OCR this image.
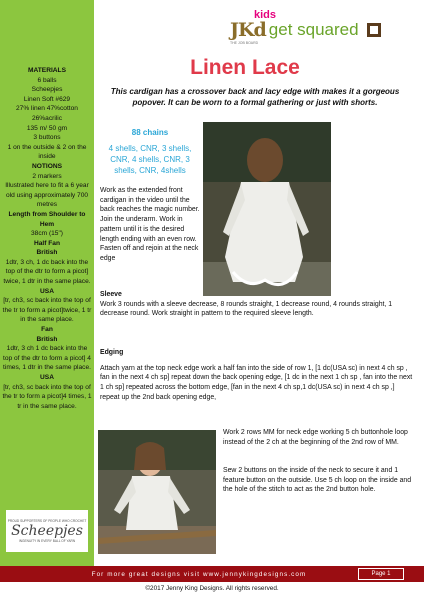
MATERIALS
6 balls
Scheepjes
Linen Soft #629
27% linen 47%cotton
26%acrilic
135 m/ 50 gm
3 buttons
1 on the outside & 2 on the inside
NOTIONS
2 markers
Illustrated here to fit a 6 year old using approximately 700 metres
Length from Shoulder to Hem
38cm (15")
Half Fan
British
1dtr, 3 ch, 1 dc back into the top of the dtr to form a picot] twice, 1 dtr in the same place.
USA
[tr, ch3, sc back into the top of the tr to form a picot]twice, 1 tr in the same place.
Fan
British
1dtr, 3 ch 1 dc back into the top of the dtr to form a picot] 4 times, 1 dtr in the same place.
USA
[tr, ch3, sc back into the top of the tr to form a picot]4 times, 1 tr in the same place.
PROUD SUPPORTERS OF PEOPLE WHO CROCHET
Scheepjes
INGENUITY IN EVERY BALL OF YARN
JKd
kids
get squared
THE JOB BOARD
Linen Lace

This cardigan has a crossover back and lacy edge with makes it a gorgeous popover. It can be worn to a formal gathering or just with shorts.

88 chains

4 shells, CNR, 3 shells, CNR, 4 shells, CNR, 3 shells, CNR, 4shells

Work as the extended front cardigan in the video until the back reaches the magic number.

Join the underarm. Work in pattern until it is the desired length ending with an even row. Fasten off and rejoin at the neck edge

Sleeve
Work 3 rounds with a sleeve decrease, 8 rounds straight, 1 decrease round, 4 rounds straight, 1 decrease round. Work straight in pattern to the required sleeve length.
Edging
Attach yarn at the top neck edge work a half fan into the side of row 1, [1 dc(USA sc) in next 4 ch sp , fan in the next 4 ch sp] repeat down the back opening edge, [1 dc in the next 1 ch sp , fan into the next 1 ch sp] repeated across the bottom edge, [fan in the next 4 ch sp,1 dc(USA sc) in next 4 ch sp ,] repeat up the 2nd back opening edge,

Work 2 rows MM for neck edge working 5 ch buttonhole loop instead of the 2 ch at the beginning of the 2nd row of MM.

Sew 2 buttons on the inside of the neck to secure it and 1 feature button on the outside. Use 5 ch loop on the inside and the hole of the stitch to act as the 2nd button hole.

For more great designs visit www.jennykingdesigns.com	Page 1
©2017 Jenny King Designs. All rights reserved.
